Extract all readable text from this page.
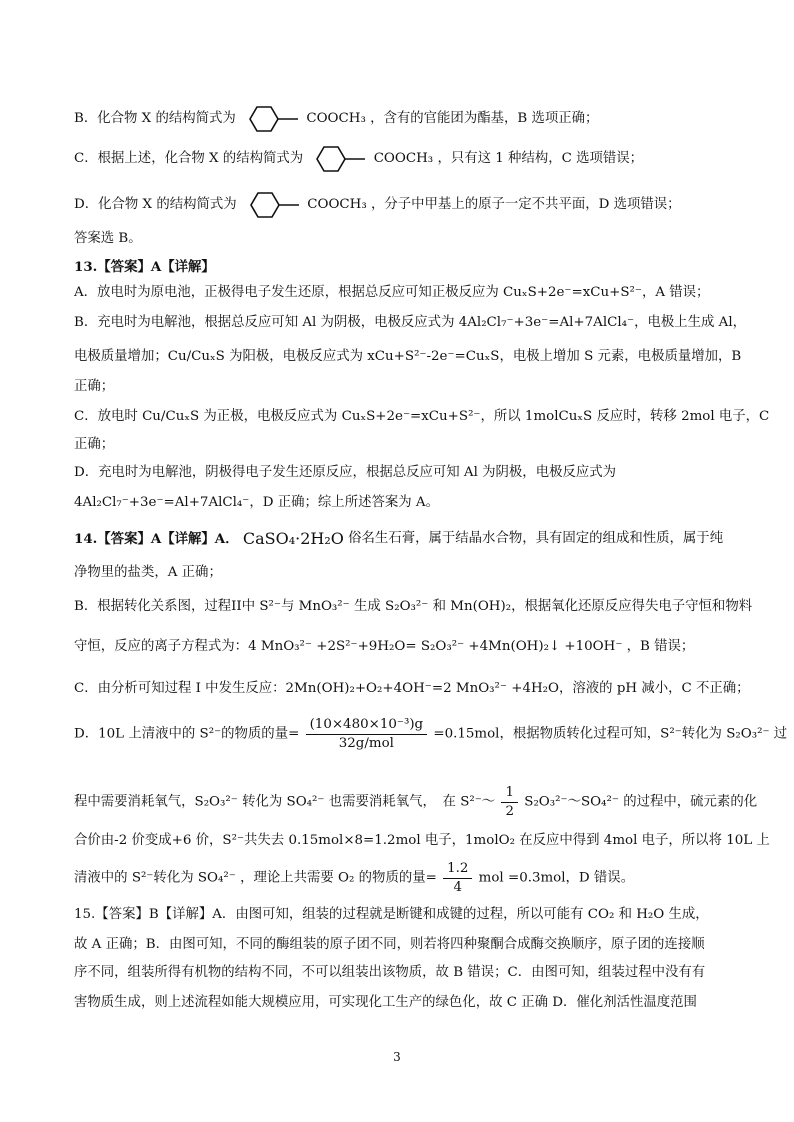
B．化合物 X 的结构简式为	COOCH₃ ，含有的官能团为酯基，B 选项正确；
C．根据上述，化合物 X 的结构简式为	COOCH₃ ，只有这 1 种结构，C 选项错误；
D．化合物 X 的结构简式为	COOCH₃ ，分子中甲基上的原子一定不共平面，D 选项错误；
答案选 B。
13.【答案】A【详解】
A．放电时为原电池，正极得电子发生还原，根据总反应可知正极反应为 CuₓS+2e⁻=xCu+S²⁻，A 错误；
B．充电时为电解池，根据总反应可知 Al 为阴极，电极反应式为 4Al₂Cl₇⁻+3e⁻=Al+7AlCl₄⁻，电极上生成 Al，
电极质量增加；Cu/CuₓS 为阳极，电极反应式为 xCu+S²⁻-2e⁻=CuₓS，电极上增加 S 元素，电极质量增加，B
正确；
C．放电时 Cu/CuₓS 为正极，电极反应式为 CuₓS+2e⁻=xCu+S²⁻，所以 1molCuₓS 反应时，转移 2mol 电子，C
正确；
D．充电时为电解池，阴极得电子发生还原反应，根据总反应可知 Al 为阴极，电极反应式为
4Al₂Cl₇⁻+3e⁻=Al+7AlCl₄⁻，D 正确；综上所述答案为 A。
14.【答案】A【详解】A． CaSO₄·2H₂O 俗名生石膏，属于结晶水合物，具有固定的组成和性质，属于纯
净物里的盐类，A 正确；
B．根据转化关系图，过程II中 S²⁻与 MnO₃²⁻ 生成 S₂O₃²⁻ 和 Mn(OH)₂，根据氧化还原反应得失电子守恒和物料
守恒，反应的离子方程式为：4 MnO₃²⁻ +2S²⁻+9H₂O= S₂O₃²⁻ +4Mn(OH)₂↓ +10OH⁻ ，B 错误；
C．由分析可知过程 I 中发生反应：2Mn(OH)₂+O₂+4OH⁻=2 MnO₃²⁻ +4H₂O，溶液的 pH 减小，C 不正确；
D．10L 上清液中的 S²⁻的物质的量= $\frac{\text{(10×480×10⁻³)g}}{\text{32g/mol}} =0.15mol$，根据物质转化过程可知，S²⁻转化为 S₂O₃²⁻ 过
程中需要消耗氧气，S₂O₃²⁻ 转化为 SO₄²⁻ 也需要消耗氧气，　在 S²⁻～ $\frac{1}{2}$ S₂O₃²⁻～SO₄²⁻ 的过程中，硫元素的化
合价由-2 价变成+6 价，S²⁻共失去 0.15mol×8=1.2mol 电子，1molO₂ 在反应中得到 4mol 电子，所以将 10L 上
清液中的 S²⁻转化为 SO₄²⁻ ，理论上共需要 O₂ 的物质的量= $\frac{1.2}{4}$ mol =0.3mol，D 错误。
15.【答案】B【详解】A．由图可知，组装的过程就是断键和成键的过程，所以可能有 CO₂ 和 H₂O 生成，
故 A 正确；B．由图可知，不同的酶组装的原子团不同，则若将四种聚酮合成酶交换顺序，原子团的连接顺
序不同，组装所得有机物的结构不同，不可以组装出该物质，故 B 错误；C．由图可知，组装过程中没有有
害物质生成，则上述流程如能大规模应用，可实现化工生产的绿色化，故 C 正确 D．催化剂活性温度范围
3
